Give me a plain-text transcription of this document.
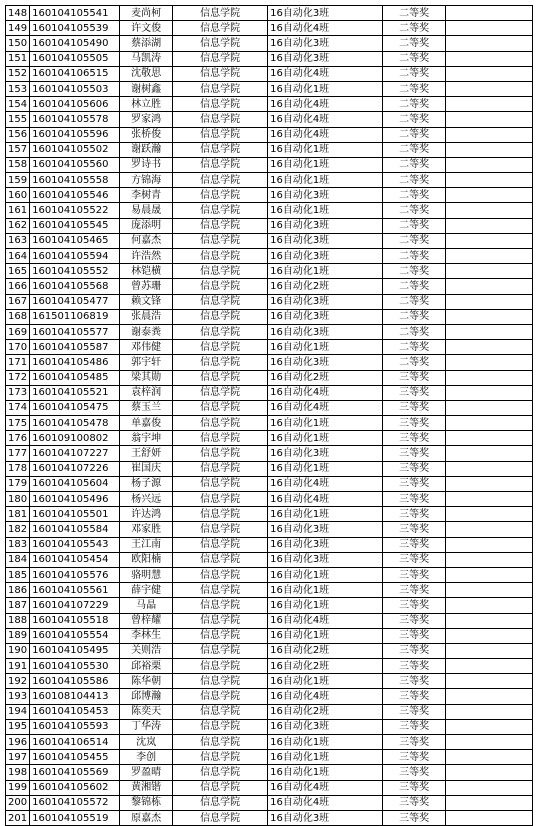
148	160104105541	麦尚柯	信息学院	16自动化3班	二等奖	
149	160104105539	许文俊	信息学院	16自动化4班	二等奖	
150	160104105490	蔡添湖	信息学院	16自动化3班	二等奖	
151	160104105505	马凯涛	信息学院	16自动化3班	二等奖	
152	160104106515	沈敬思	信息学院	16自动化4班	二等奖	
153	160104105503	谢树鑫	信息学院	16自动化1班	二等奖	
154	160104105606	林立胜	信息学院	16自动化4班	二等奖	
155	160104105578	罗家鸿	信息学院	16自动化4班	二等奖	
156	160104105596	张桥俊	信息学院	16自动化4班	二等奖	
157	160104105502	谢跃瀚	信息学院	16自动化1班	二等奖	
158	160104105560	罗诗书	信息学院	16自动化1班	二等奖	
159	160104105558	方锦海	信息学院	16自动化1班	二等奖	
160	160104105546	李树青	信息学院	16自动化3班	二等奖	
161	160104105522	易晨晟	信息学院	16自动化1班	二等奖	
162	160104105545	庞添明	信息学院	16自动化3班	二等奖	
163	160104105465	何嘉杰	信息学院	16自动化3班	二等奖	
164	160104105594	许浩然	信息学院	16自动化3班	二等奖	
165	160104105552	林铠横	信息学院	16自动化1班	二等奖	
166	160104105568	曾苏珊	信息学院	16自动化2班	二等奖	
167	160104105477	赖文锋	信息学院	16自动化3班	二等奖	
168	161501106819	张晨浩	信息学院	16自动化3班	二等奖	
169	160104105577	谢泰粪	信息学院	16自动化3班	二等奖	
170	160104105587	邓伟健	信息学院	16自动化1班	二等奖	
171	160104105486	郭宇轩	信息学院	16自动化3班	二等奖	
172	160104105485	梁其勋	信息学院	16自动化2班	三等奖	
173	160104105521	袁梓润	信息学院	16自动化4班	三等奖	
174	160104105475	蔡玉兰	信息学院	16自动化4班	三等奖	
175	160104105478	单嘉俊	信息学院	16自动化1班	三等奖	
176	160109100802	翁宇坤	信息学院	16自动化1班	三等奖	
177	160104107227	王舒妍	信息学院	16自动化3班	三等奖	
178	160104107226	崔国庆	信息学院	16自动化1班	三等奖	
179	160104105604	杨子源	信息学院	16自动化4班	三等奖	
180	160104105496	杨兴远	信息学院	16自动化4班	三等奖	
181	160104105501	许达鸿	信息学院	16自动化1班	三等奖	
182	160104105584	邓家胜	信息学院	16自动化3班	三等奖	
183	160104105543	王江南	信息学院	16自动化3班	三等奖	
184	160104105454	欧阳楠	信息学院	16自动化3班	三等奖	
185	160104105576	骆明慧	信息学院	16自动化1班	三等奖	
186	160104105561	薛宇健	信息学院	16自动化1班	三等奖	
187	160104107229	马晶	信息学院	16自动化1班	三等奖	
188	160104105518	曾梓耀	信息学院	16自动化4班	三等奖	
189	160104105554	李林生	信息学院	16自动化1班	三等奖	
190	160104105495	关则浩	信息学院	16自动化2班	三等奖	
191	160104105530	邱裕栗	信息学院	16自动化2班	三等奖	
192	160104105586	陈华朝	信息学院	16自动化1班	三等奖	
193	160108104413	邱博瀚	信息学院	16自动化4班	三等奖	
194	160104105453	陈奕天	信息学院	16自动化2班	三等奖	
195	160104105593	丁华涛	信息学院	16自动化3班	三等奖	
196	160104106514	沈岚	信息学院	16自动化1班	三等奖	
197	160104105455	李创	信息学院	16自动化1班	三等奖	
198	160104105569	罗盈晴	信息学院	16自动化1班	三等奖	
199	160104105602	黄湘锴	信息学院	16自动化4班	三等奖	
200	160104105572	黎锦栋	信息学院	16自动化4班	三等奖	
201	160104105519	原嘉杰	信息学院	16自动化3班	三等奖	
